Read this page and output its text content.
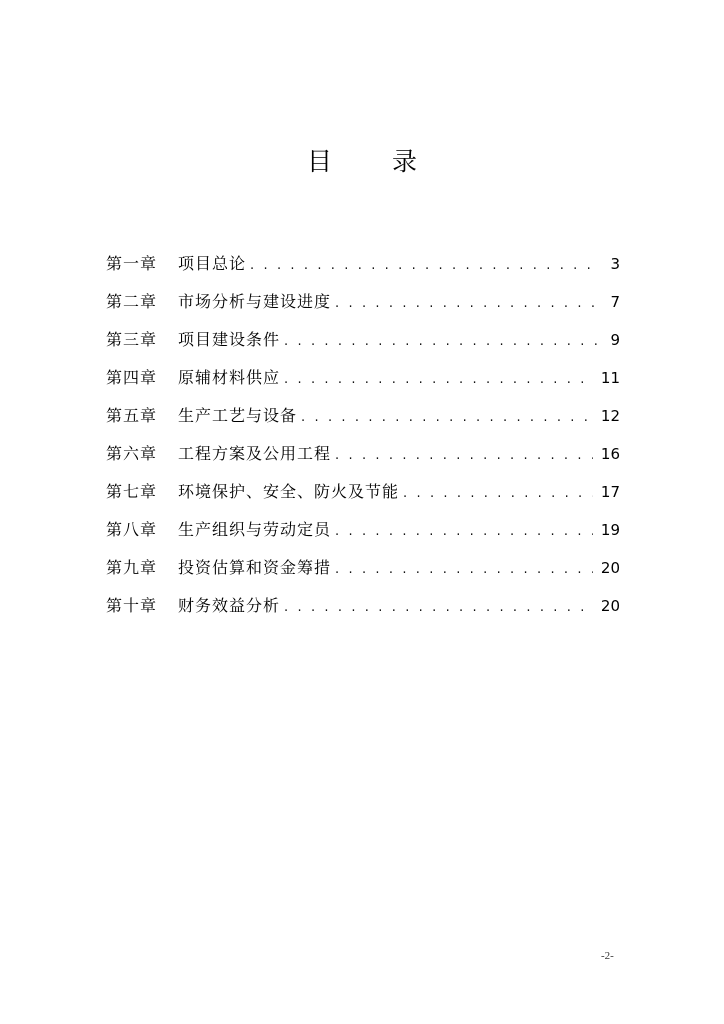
目 录
第一章	项目总论 . . .	3
第二章	市场分析与建设进度 . . .	7
第三章	项目建设条件 . . .	9
第四章	原辅材料供应 . . .	11
第五章	生产工艺与设备 . . .	12
第六章	工程方案及公用工程 . . .	16
第七章	环境保护、安全、防火及节能 . . .	17
第八章	生产组织与劳动定员 . . .	19
第九章	投资估算和资金筹措 . . .	20
第十章	财务效益分析 . . .	20
-2-
